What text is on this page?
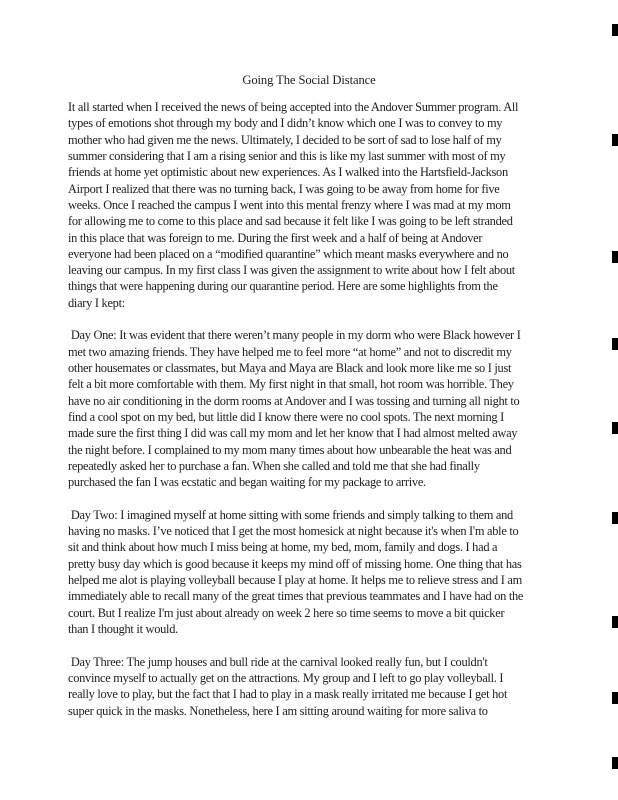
Going The Social Distance
It all started when I received the news of being accepted into the Andover Summer program. All
types of emotions shot through my body and I didn’t know which one I was to convey to my
mother who had given me the news. Ultimately, I decided to be sort of sad to lose half of my
summer considering that I am a rising senior and this is like my last summer with most of my
friends at home yet optimistic about new experiences. As I walked into the Hartsfield-Jackson
Airport I realized that there was no turning back, I was going to be away from home for five
weeks. Once I reached the campus I went into this mental frenzy where I was mad at my mom
for allowing me to come to this place and sad because it felt like I was going to be left stranded
in this place that was foreign to me. During the first week and a half of being at Andover
everyone had been placed on a “modified quarantine” which meant masks everywhere and no
leaving our campus. In my first class I was given the assignment to write about how I felt about
things that were happening during our quarantine period. Here are some highlights from the
diary I kept:
Day One: It was evident that there weren’t many people in my dorm who were Black however I
met two amazing friends. They have helped me to feel more “at home” and not to discredit my
other housemates or classmates, but Maya and Maya are Black and look more like me so I just
felt a bit more comfortable with them. My first night in that small, hot room was horrible. They
have no air conditioning in the dorm rooms at Andover and I was tossing and turning all night to
find a cool spot on my bed, but little did I know there were no cool spots. The next morning I
made sure the first thing I did was call my mom and let her know that I had almost melted away
the night before. I complained to my mom many times about how unbearable the heat was and
repeatedly asked her to purchase a fan. When she called and told me that she had finally
purchased the fan I was ecstatic and began waiting for my package to arrive.
Day Two: I imagined myself at home sitting with some friends and simply talking to them and
having no masks. I’ve noticed that I get the most homesick at night because it's when I'm able to
sit and think about how much I miss being at home, my bed, mom, family and dogs. I had a
pretty busy day which is good because it keeps my mind off of missing home. One thing that has
helped me alot is playing volleyball because I play at home. It helps me to relieve stress and I am
immediately able to recall many of the great times that previous teammates and I have had on the
court. But I realize I'm just about already on week 2 here so time seems to move a bit quicker
than I thought it would.
Day Three: The jump houses and bull ride at the carnival looked really fun, but I couldn't
convince myself to actually get on the attractions. My group and I left to go play volleyball. I
really love to play, but the fact that I had to play in a mask really irritated me because I get hot
super quick in the masks. Nonetheless, here I am sitting around waiting for more saliva to
